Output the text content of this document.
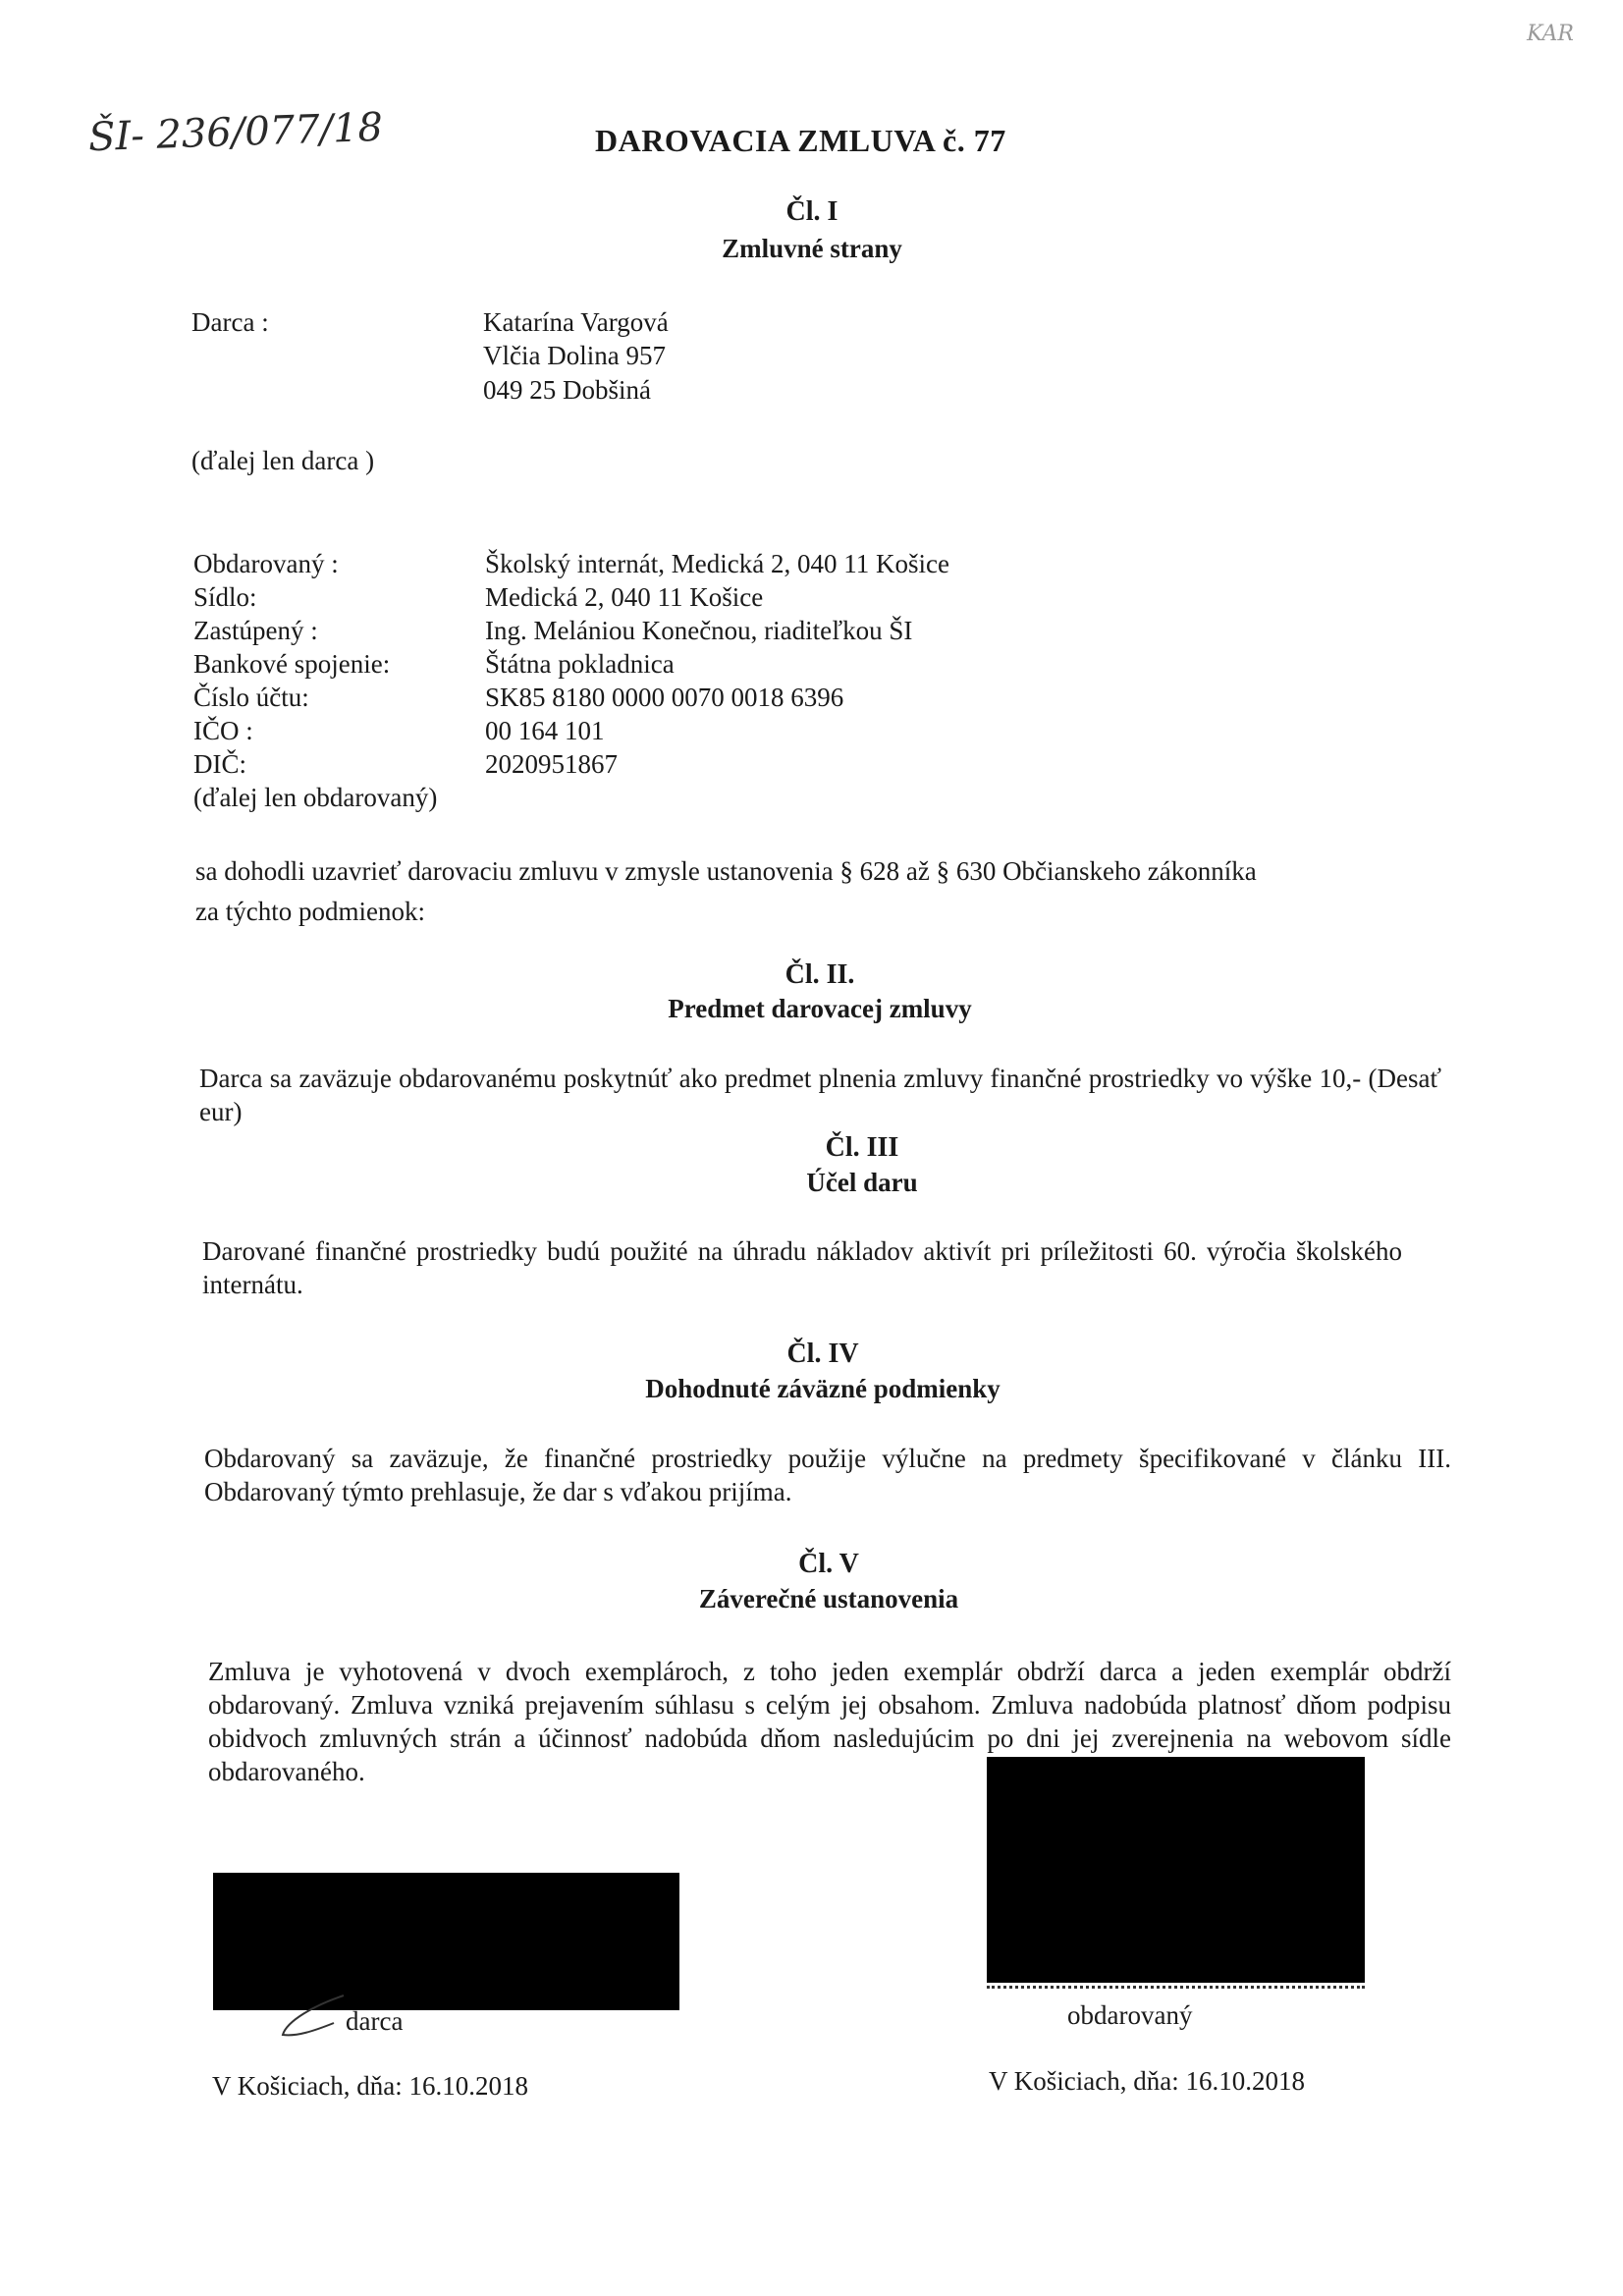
ŠI- 236/077/18
KAR
DAROVACIA ZMLUVA č. 77
Čl. I
Zmluvné strany
Darca :	Katarína Vargová
Vlčia Dolina 957
049 25 Dobšiná
(ďalej len darca )
Obdarovaný :	Školský internát, Medická 2, 040 11 Košice
Sídlo:	Medická 2, 040 11 Košice
Zastúpený :	Ing. Melániou Konečnou, riaditeľkou ŠI
Bankové spojenie:	Štátna pokladnica
Číslo účtu:	SK85 8180 0000 0070 0018 6396
IČO :	00 164 101
DIČ:	2020951867
(ďalej len obdarovaný)
sa dohodli uzavrieť darovaciu zmluvu v zmysle ustanovenia § 628 až § 630 Občianskeho zákonníka
za týchto podmienok:
Čl. II.
Predmet darovacej zmluvy
Darca sa zaväzuje obdarovanému poskytnúť ako predmet plnenia zmluvy finančné prostriedky vo výške 10,- (Desať eur)
Čl. III
Účel daru
Darované finančné prostriedky budú použité na úhradu nákladov aktivít pri príležitosti 60. výročia školského internátu.
Čl. IV
Dohodnuté záväzné podmienky
Obdarovaný sa zaväzuje, že finančné prostriedky použije výlučne na predmety špecifikované v článku III. Obdarovaný týmto prehlasuje, že dar s vďakou prijíma.
Čl. V
Záverečné ustanovenia
Zmluva je vyhotovená v dvoch exemplároch, z toho jeden exemplár obdrží darca a jeden exemplár obdrží obdarovaný. Zmluva vzniká prejavením súhlasu s celým jej obsahom. Zmluva nadobúda platnosť dňom podpisu obidvoch zmluvných strán a účinnosť nadobúda dňom nasledujúcim po dni jej zverejnenia na webovom sídle obdarovaného.
darca	obdarovaný
V Košiciach, dňa: 16.10.2018	V Košiciach, dňa: 16.10.2018
